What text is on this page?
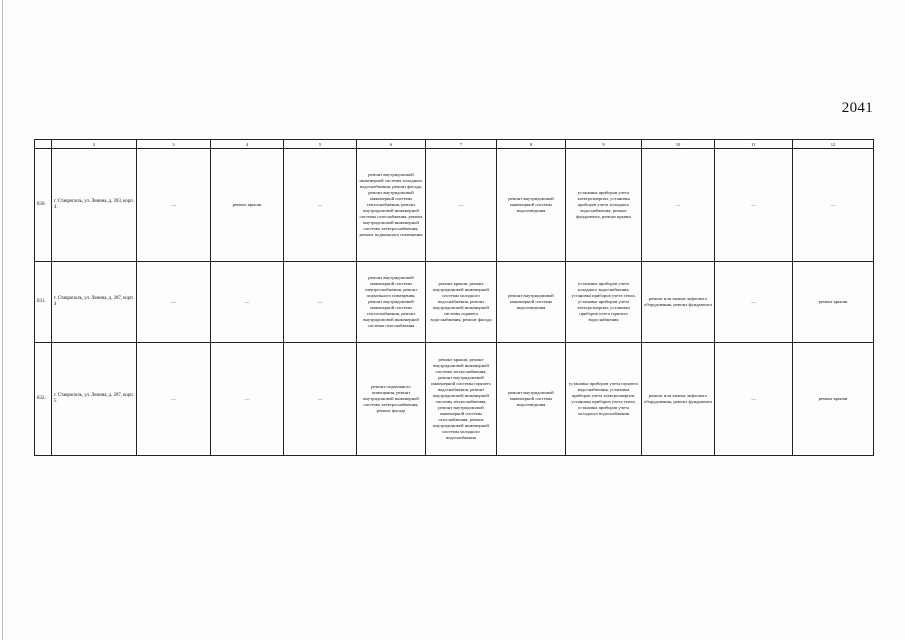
2041
	2	3	4	5	6	7	8	9	10	11	12
830.	г. Ставрополь, ул. Ленина, д. 283, корп. 4	—	ремонт крыши	—	ремонт внутридомовой инженерной системы холодного водоснабжения, ремонт фасада, ремонт внутридомовой инженерной системы теплоснабжения, ремонт внутридомовой инженерной системы газоснабжения, ремонт внутридомовой инженерной системы электроснабжения, ремонт подвального помещения	—	ремонт внутридомовой инженерной системы водоотведения	установка приборов учета электроэнергии, установка приборов учета холодного водоснабжения, ремонт фундамента, ремонт крыши	—	—	—
831.	г. Ставрополь, ул. Ленина, д. 287, корп. 4	—	—	—	ремонт внутридомовой инженерной системы электроснабжения, ремонт подвального помещения, ремонт внутридомовой инженерной системы теплоснабжения, ремонт внутридомовой инженерной системы газоснабжения	ремонт крыши, ремонт внутридомовой инженерной системы холодного водоснабжения, ремонт внутридомовой инженерной системы горячего водоснабжения, ремонт фасада	ремонт внутридомовой инженерной системы водоотведения	установка приборов учета холодного водоснабжения, установка приборов учета тепла, установка приборов учета электроэнергии, установка приборов учета горячего водоснабжения	ремонт или замена лифтового оборудования, ремонт фундамента	—	ремонт крыши
832.	г. Ставрополь, ул. Ленина, д. 287, корп. 5	—	—	—	ремонт подвального помещения, ремонт внутридомовой инженерной системы электроснабжения, ремонт фасада	ремонт крыши, ремонт внутридомовой инженерной системы теплоснабжения, ремонт внутридомовой инженерной системы горячего водоснабжения, ремонт внутридомовой инженерной системы теплоснабжения, ремонт внутридомовой инженерной системы газоснабжения, ремонт внутридомовой инженерной системы холодного водоснабжения	ремонт внутридомовой инженерной системы водоотведения	установка приборов учета горячего водоснабжения, установка приборов учета электроэнергии, установка приборов учета тепла, установка приборов учета холодного водоснабжения	ремонт или замена лифтового оборудования, ремонт фундамента	—	ремонт крыши
